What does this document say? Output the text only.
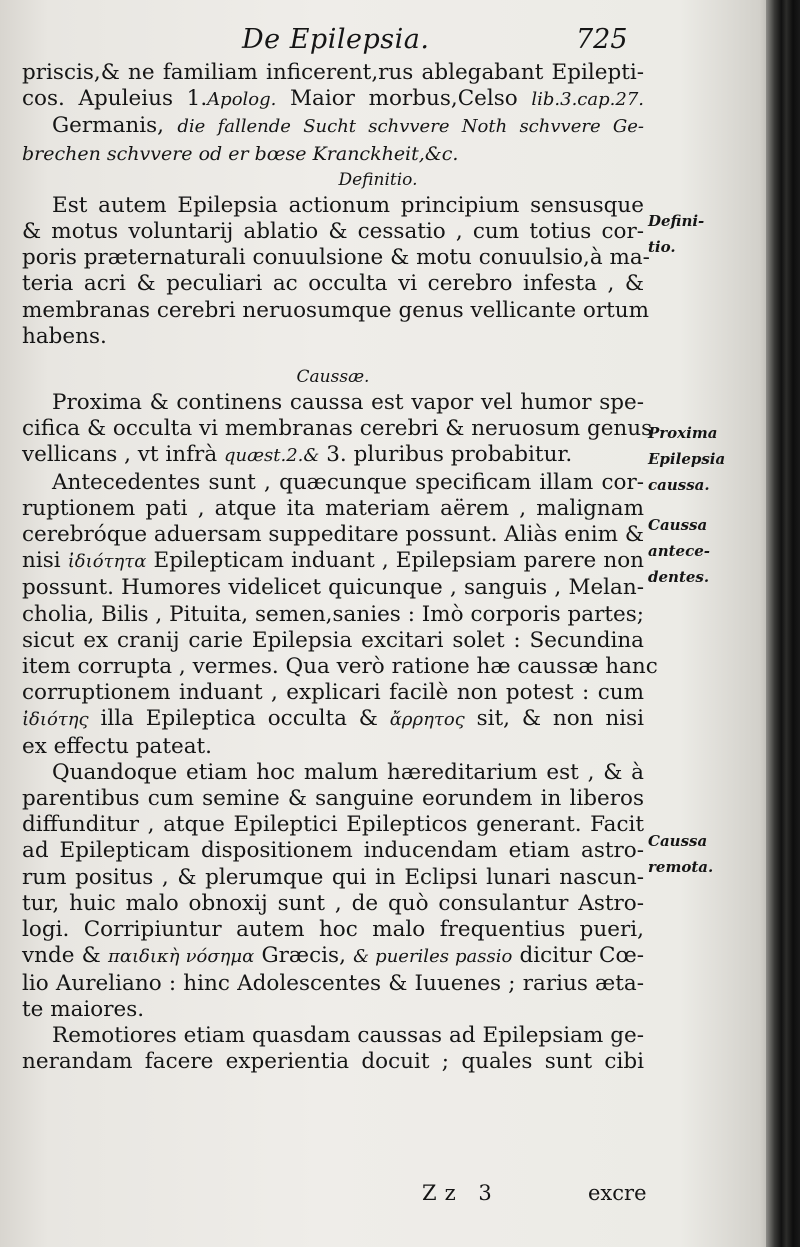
De Epilepsia.	725
priscis,& ne familiam inficerent,rus ablegabant Epilepti-
cos. Apuleius 1.Apolog. Maior morbus,Celso lib.3.cap.27.
Germanis, die fallende Sucht schvvere Noth schvvere Ge-
brechen schvvere od er bœse Kranckheit,&c.
Definitio.
Est autem Epilepsia actionum principium sensusque
& motus voluntarij ablatio & cessatio , cum totius cor-
poris præternaturali conuulsione & motu conuulsio,à ma-
teria acri & peculiari ac occulta vi cerebro infesta , &
membranas cerebri neruosumque genus vellicante ortum
habens.
Caussæ.
Proxima & continens caussa est vapor vel humor spe-
cifica & occulta vi membranas cerebri & neruosum genus
vellicans , vt infrà quæst.2.& 3. pluribus probabitur.
Antecedentes sunt , quæcunque specificam illam cor-
ruptionem pati , atque ita materiam aërem , malignam
cerebróque aduersam suppeditare possunt. Aliàs enim &
nisi ἰδιότητα Epilepticam induant , Epilepsiam parere non
possunt. Humores videlicet quicunque , sanguis , Melan-
cholia, Bilis , Pituita, semen,sanies : Imò corporis partes;
sicut ex cranij carie Epilepsia excitari solet : Secundina
item corrupta , vermes. Qua verò ratione hæ caussæ hanc
corruptionem induant , explicari facilè non potest : cum
ἰδιότης illa Epileptica occulta & ἄρρητος sit, & non nisi
ex effectu pateat.
Quandoque etiam hoc malum hæreditarium est , & à
parentibus cum semine & sanguine eorundem in liberos
diffunditur , atque Epileptici Epilepticos generant. Facit
ad Epilepticam dispositionem inducendam etiam astro-
rum positus , & plerumque qui in Eclipsi lunari nascun-
tur, huic malo obnoxij sunt , de quò consulantur Astro-
logi. Corripiuntur autem hoc malo frequentius pueri,
vnde & παιδικὴ νόσημα Græcis, & pueriles passio dicitur Cœ-
lio Aureliano : hinc Adolescentes & Iuuenes ; rarius æta-
te maiores.
Remotiores etiam quasdam caussas ad Epilepsiam ge-
nerandam facere experientia docuit ; quales sunt cibi
Defini-
tio.
Proxima
Epilepsia
caussa.
Caussa
antece-
dentes.
Caussa
remota.
Zz 3	excre
